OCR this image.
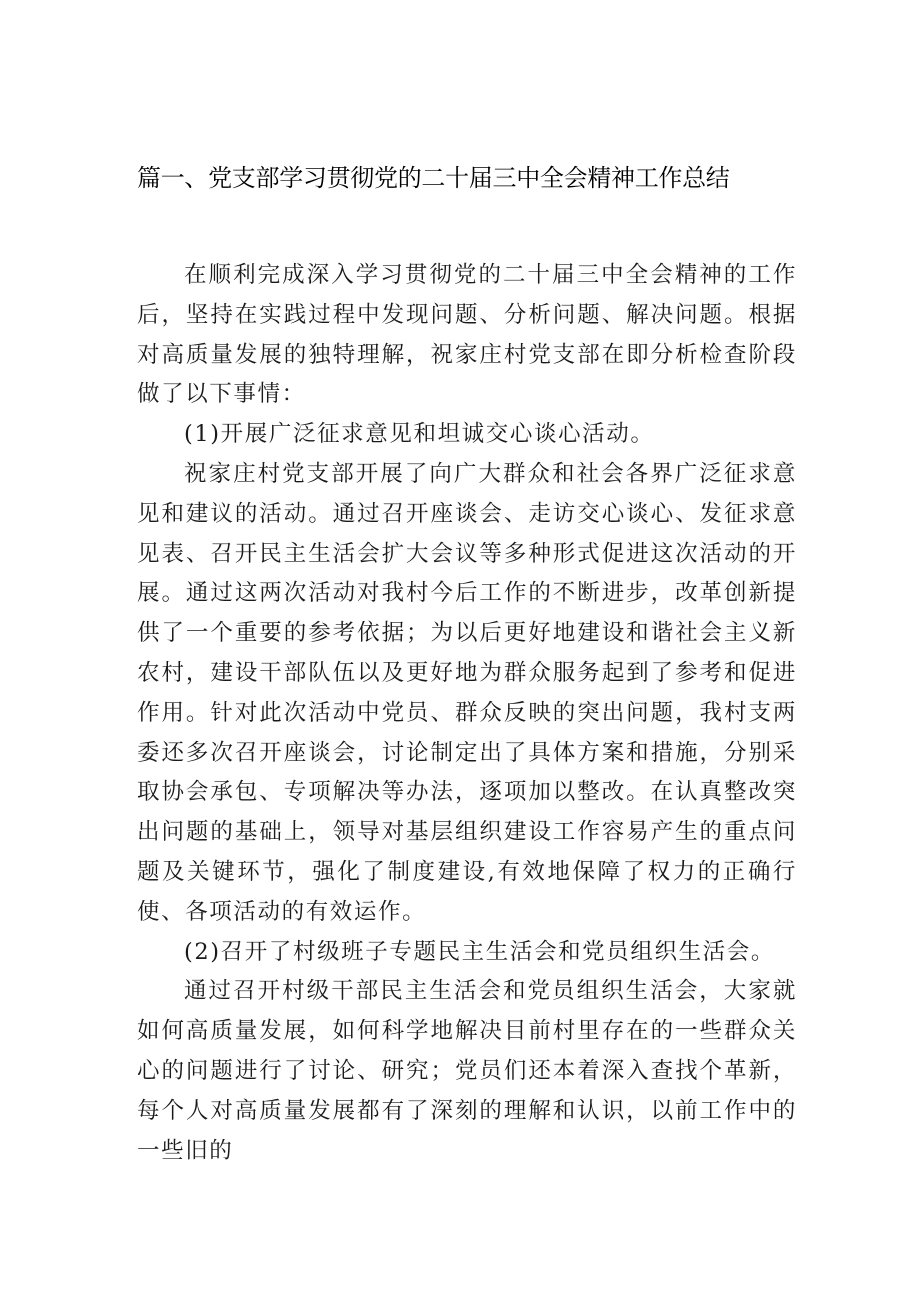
篇一、党支部学习贯彻党的二十届三中全会精神工作总结

在顺利完成深入学习贯彻党的二十届三中全会精神的工作后，坚持在实践过程中发现问题、分析问题、解决问题。根据对高质量发展的独特理解，祝家庄村党支部在即分析检查阶段做了以下事情：

(1)开展广泛征求意见和坦诚交心谈心活动。

祝家庄村党支部开展了向广大群众和社会各界广泛征求意见和建议的活动。通过召开座谈会、走访交心谈心、发征求意见表、召开民主生活会扩大会议等多种形式促进这次活动的开展。通过这两次活动对我村今后工作的不断进步，改革创新提供了一个重要的参考依据；为以后更好地建设和谐社会主义新农村，建设干部队伍以及更好地为群众服务起到了参考和促进作用。针对此次活动中党员、群众反映的突出问题，我村支两委还多次召开座谈会，讨论制定出了具体方案和措施，分别采取协会承包、专项解决等办法，逐项加以整改。在认真整改突出问题的基础上，领导对基层组织建设工作容易产生的重点问题及关键环节，强化了制度建设,有效地保障了权力的正确行使、各项活动的有效运作。

(2)召开了村级班子专题民主生活会和党员组织生活会。

通过召开村级干部民主生活会和党员组织生活会，大家就如何高质量发展，如何科学地解决目前村里存在的一些群众关心的问题进行了讨论、研究；党员们还本着深入查找个革新，每个人对高质量发展都有了深刻的理解和认识，以前工作中的一些旧的
